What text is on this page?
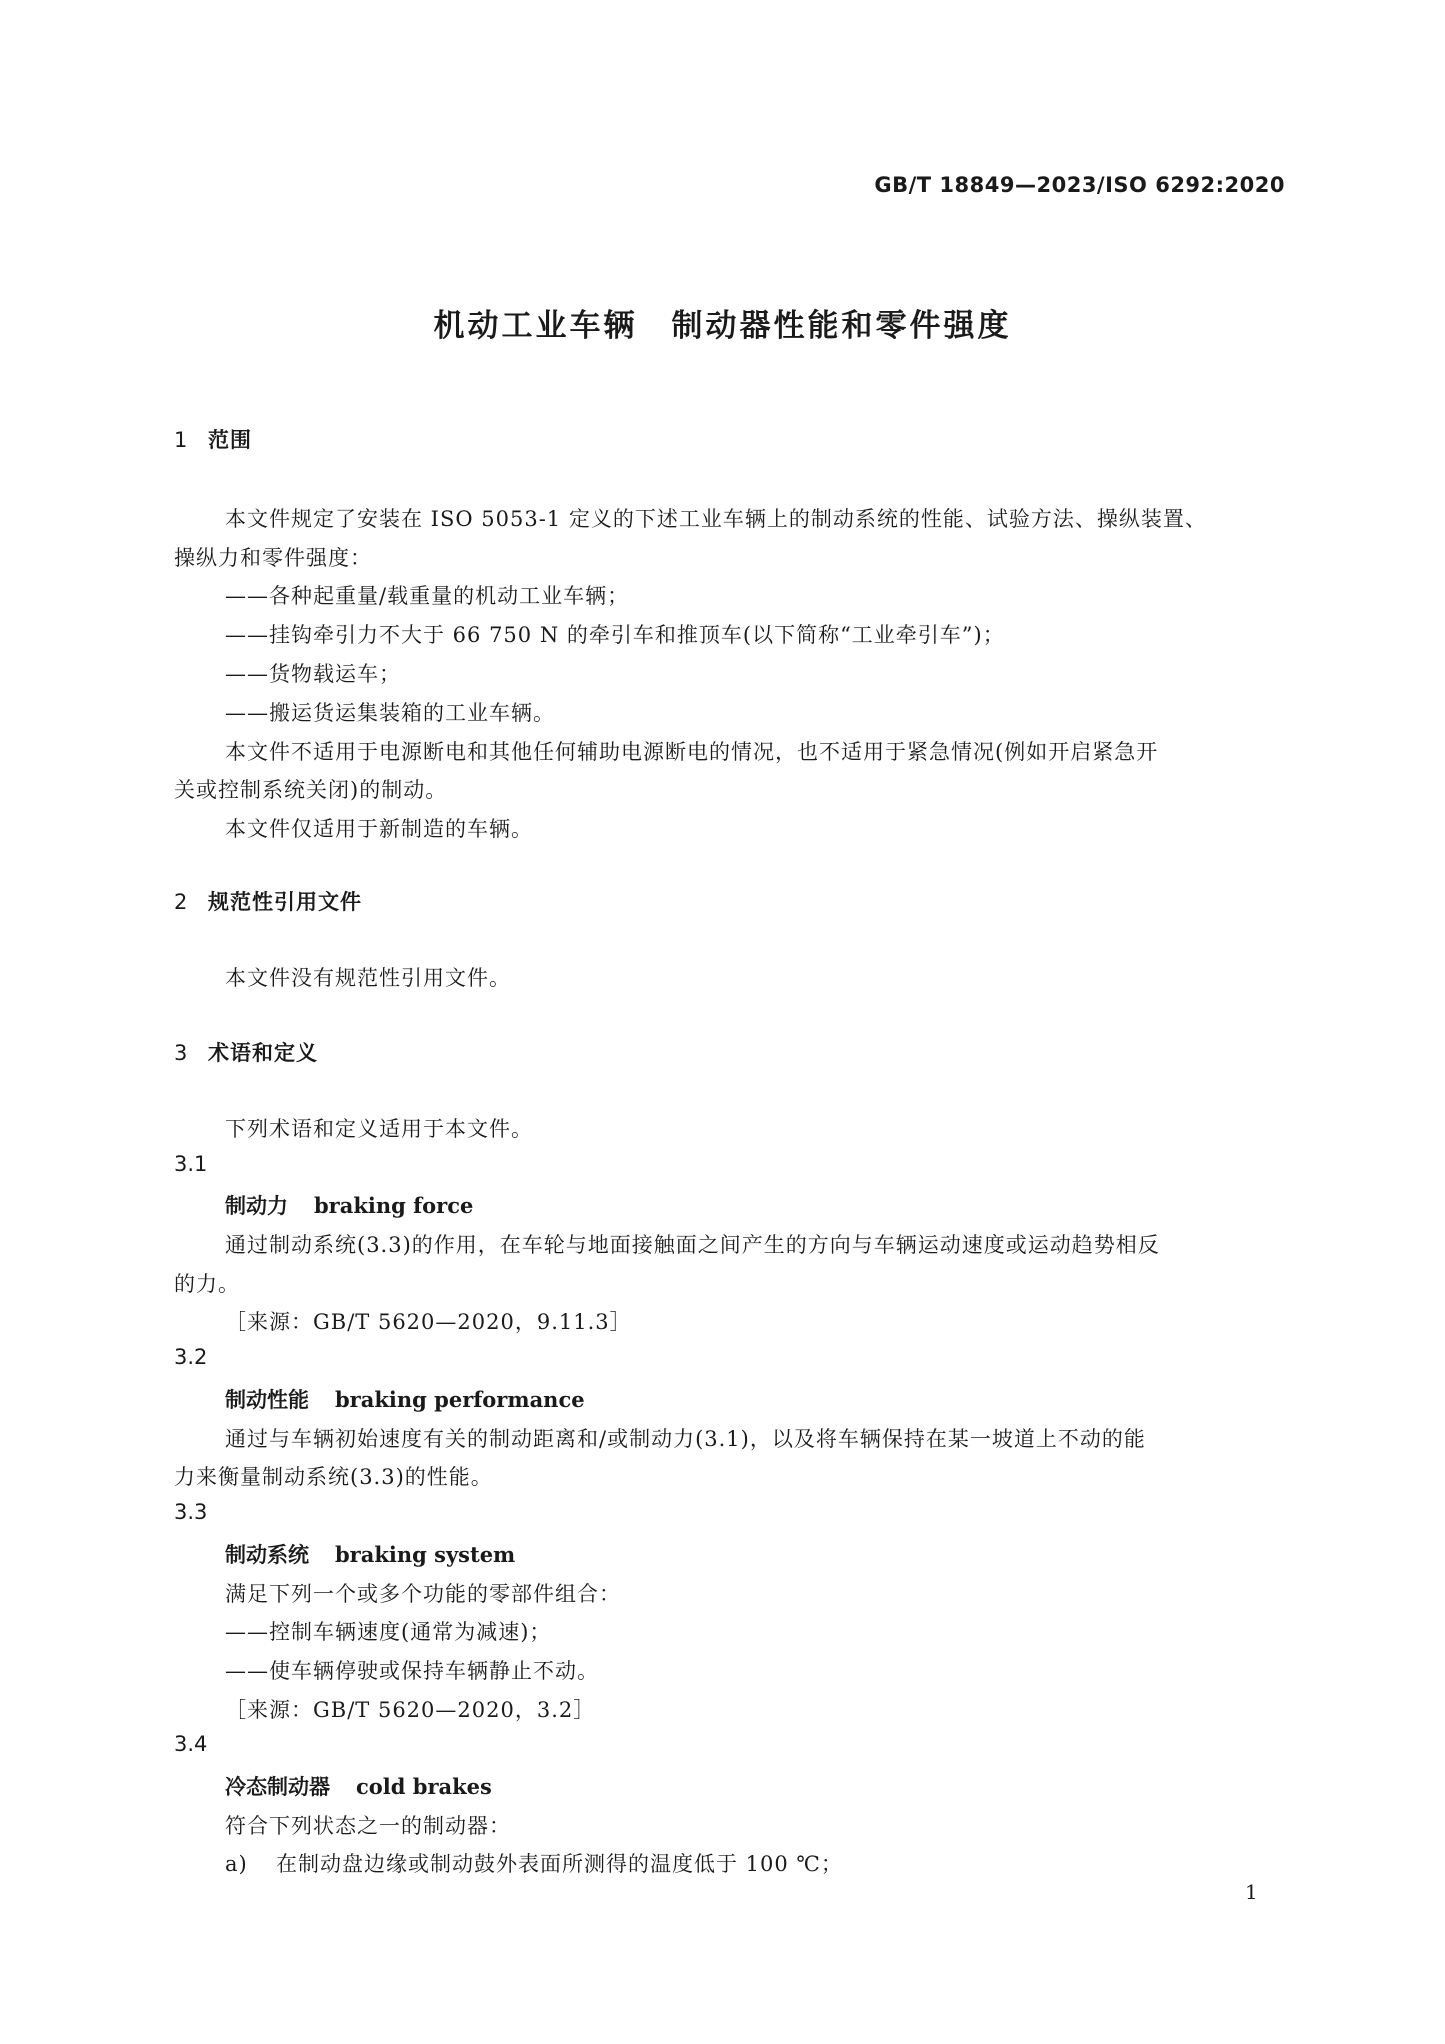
GB/T 18849—2023/ISO 6292:2020
机动工业车辆　制动器性能和零件强度
1 范围
本文件规定了安装在 ISO 5053-1 定义的下述工业车辆上的制动系统的性能、试验方法、操纵装置、
操纵力和零件强度：
——各种起重量/载重量的机动工业车辆；
——挂钩牵引力不大于 66 750 N 的牵引车和推顶车(以下简称“工业牵引车”)；
——货物载运车；
——搬运货运集装箱的工业车辆。
本文件不适用于电源断电和其他任何辅助电源断电的情况，也不适用于紧急情况(例如开启紧急开
关或控制系统关闭)的制动。
本文件仅适用于新制造的车辆。
2 规范性引用文件
本文件没有规范性引用文件。
3 术语和定义
下列术语和定义适用于本文件。
3.1
制动力 braking force
通过制动系统(3.3)的作用，在车轮与地面接触面之间产生的方向与车辆运动速度或运动趋势相反
的力。
［来源：GB/T 5620—2020，9.11.3］
3.2
制动性能 braking performance
通过与车辆初始速度有关的制动距离和/或制动力(3.1)，以及将车辆保持在某一坡道上不动的能
力来衡量制动系统(3.3)的性能。
3.3
制动系统 braking system
满足下列一个或多个功能的零部件组合：
——控制车辆速度(通常为减速)；
——使车辆停驶或保持车辆静止不动。
［来源：GB/T 5620—2020，3.2］
3.4
冷态制动器 cold brakes
符合下列状态之一的制动器：
a) 在制动盘边缘或制动鼓外表面所测得的温度低于 100 ℃；
1
